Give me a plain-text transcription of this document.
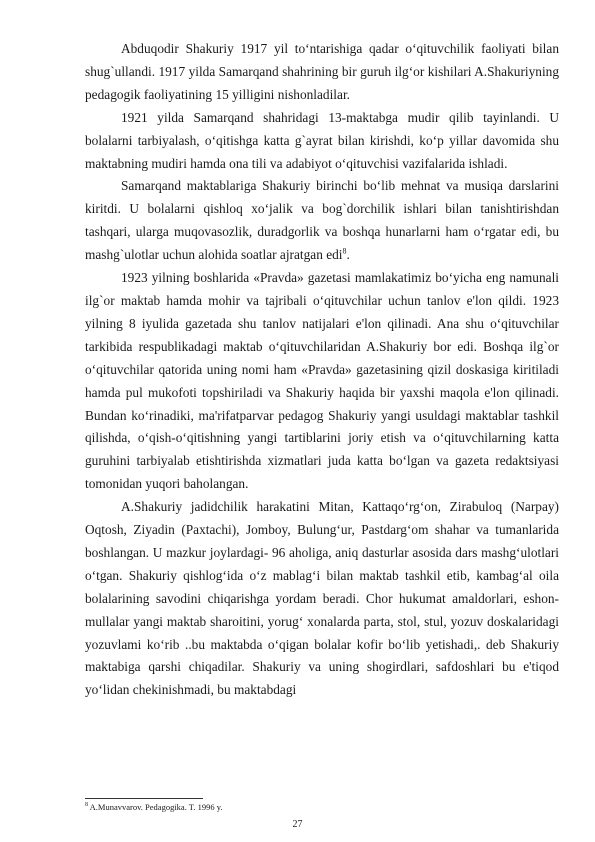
Abduqodir Shakuriy 1917 yil to‘ntarishiga qadar o‘qituvchilik faoliyati bilan shug`ullandi. 1917 yilda Samarqand shahrining bir guruh ilg‘or kishilari A.Shakuriyning pedagogik faoliyatining 15 yilligini nishonladilar.

1921 yilda Samarqand shahridagi 13-maktabga mudir qilib tayinlandi. U bolalarni tarbiyalash, o‘qitishga katta g`ayrat bilan kirishdi, ko‘p yillar davomida shu maktabning mudiri hamda ona tili va adabiyot o‘qituvchisi vazifalarida ishladi.

Samarqand maktablariga Shakuriy birinchi bo‘lib mehnat va musiqa darslarini kiritdi. U bolalarni qishloq xo‘jalik va bog`dorchilik ishlari bilan tanishtirishdan tashqari, ularga muqovasozlik, duradgorlik va boshqa hunarlarni ham o‘rgatar edi, bu mashg`ulotlar uchun alohida soatlar ajratgan edi$^8$.

1923 yilning boshlarida «Pravda» gazetasi mamlakatimiz bo‘yicha eng namunali ilg`or maktab hamda mohir va tajribali o‘qituvchilar uchun tanlov e'lon qildi. 1923 yilning 8 iyulida gazetada shu tanlov natijalari e'lon qilinadi. Ana shu o‘qituvchilar tarkibida respublikadagi maktab o‘qituvchilaridan A.Shakuriy bor edi. Boshqa ilg`or o‘qituvchilar qatorida uning nomi ham «Pravda» gazetasining qizil doskasiga kiritiladi hamda pul mukofoti topshiriladi va Shakuriy haqida bir yaxshi maqola e'lon qilinadi. Bundan ko‘rinadiki, ma'rifatparvar pedagog Shakuriy yangi usuldagi maktablar tashkil qilishda, o‘qish-o‘qitishning yangi tartiblarini joriy etish va o‘qituvchilarning katta guruhini tarbiyalab etishtirishda xizmatlari juda katta bo‘lgan va gazeta redaktsiyasi tomonidan yuqori baholangan.

A.Shakuriy jadidchilik harakatini Mitan, Kattaqo‘rg‘on, Zirabuloq (Narpay) Oqtosh, Ziyadin (Paxtachi), Jomboy, Bulung‘ur, Pastdarg‘om shahar va tumanlarida boshlangan. U mazkur joylardagi- 96 aholiga, aniq dasturlar asosida dars mashg‘ulotlari o‘tgan. Shakuriy qishlog‘ida o‘z mablag‘i bilan maktab tashkil etib, kambag‘al oila bolalarining savodini chiqarishga yordam beradi. Chor hukumat amaldorlari, eshon-mullalar yangi maktab sharoitini, yorug‘ xonalarda parta, stol, stul, yozuv doskalaridagi yozuvlami ko‘rib ..bu maktabda o‘qigan bolalar kofir bo‘lib yetishadi,. deb Shakuriy maktabiga qarshi chiqadilar. Shakuriy va uning shogirdlari, safdoshlari bu e'tiqod yo‘lidan chekinishmadi, bu maktabdagi

$^8$ A.Munavvarov. Pedagogika. T. 1996 y.

27
